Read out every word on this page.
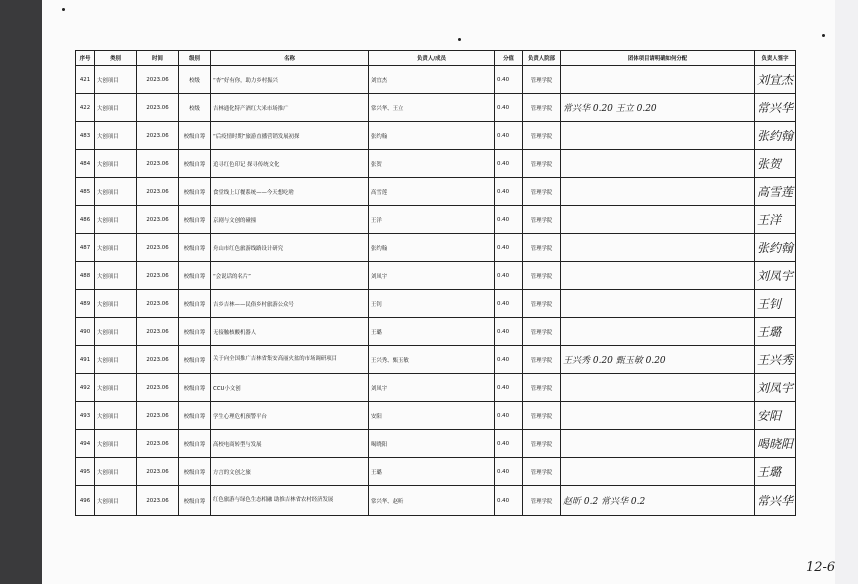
序号	类别	时间	级别	名称	负责人/成员	分值	负责人院部	团体项目请明确如何分配	负责人签字
421	大创项目	2023.06	校级	“杏”好有你，助力乡村振兴	刘宜杰	0.40	管理学院		刘宜杰
422	大创项目	2023.06	校级	吉林通化特产酒红大米市场推广	常兴华、王立	0.40	管理学院	常兴华 0.20 王立 0.20	常兴华
483	大创项目	2023.06	校级自筹	“后疫情时期”旅游直播营销发展初探	张约翰	0.40	管理学院		张约翰
484	大创项目	2023.06	校级自筹	追寻红色印记 探寻传统文化	张贺	0.40	管理学院		张贺
485	大创项目	2023.06	校级自筹	食堂线上订餐系统——今天想吃啥	高雪莲	0.40	管理学院		高雪莲
486	大创项目	2023.06	校级自筹	京剧与文创的碰撞	王洋	0.40	管理学院		王洋
487	大创项目	2023.06	校级自筹	舟山市红色旅游线路设计研究	张约翰	0.40	管理学院		张约翰
488	大创项目	2023.06	校级自筹	“会说话的名片”	刘凤宇	0.40	管理学院		刘凤宇
489	大创项目	2023.06	校级自筹	吉乡吉林——民俗乡村旅游公众号	王钊	0.40	管理学院		王钊
490	大创项目	2023.06	校级自筹	无接触核酸机器人	王璐	0.40	管理学院		王璐
491	大创项目	2023.06	校级自筹	关于向全国推广吉林省集安高丽火盆的市场调研项目	王兴秀、甄玉敏	0.40	管理学院	王兴秀 0.20 甄玉敏 0.20	王兴秀
492	大创项目	2023.06	校级自筹	CCU小文创	刘凤宇	0.40	管理学院		刘凤宇
493	大创项目	2023.06	校级自筹	学生心理危机预警平台	安阳	0.40	管理学院		安阳
494	大创项目	2023.06	校级自筹	高校电商转型与发展	喝晓阳	0.40	管理学院		喝晓阳
495	大创项目	2023.06	校级自筹	方言的文创之旅	王璐	0.40	管理学院		王璐
496	大创项目	2023.06	校级自筹	红色旅游与绿色生态相融 助推吉林省农村经济发展	常兴华、赵昕	0.40	管理学院	赵昕 0.2 常兴华 0.2	常兴华
12-6
